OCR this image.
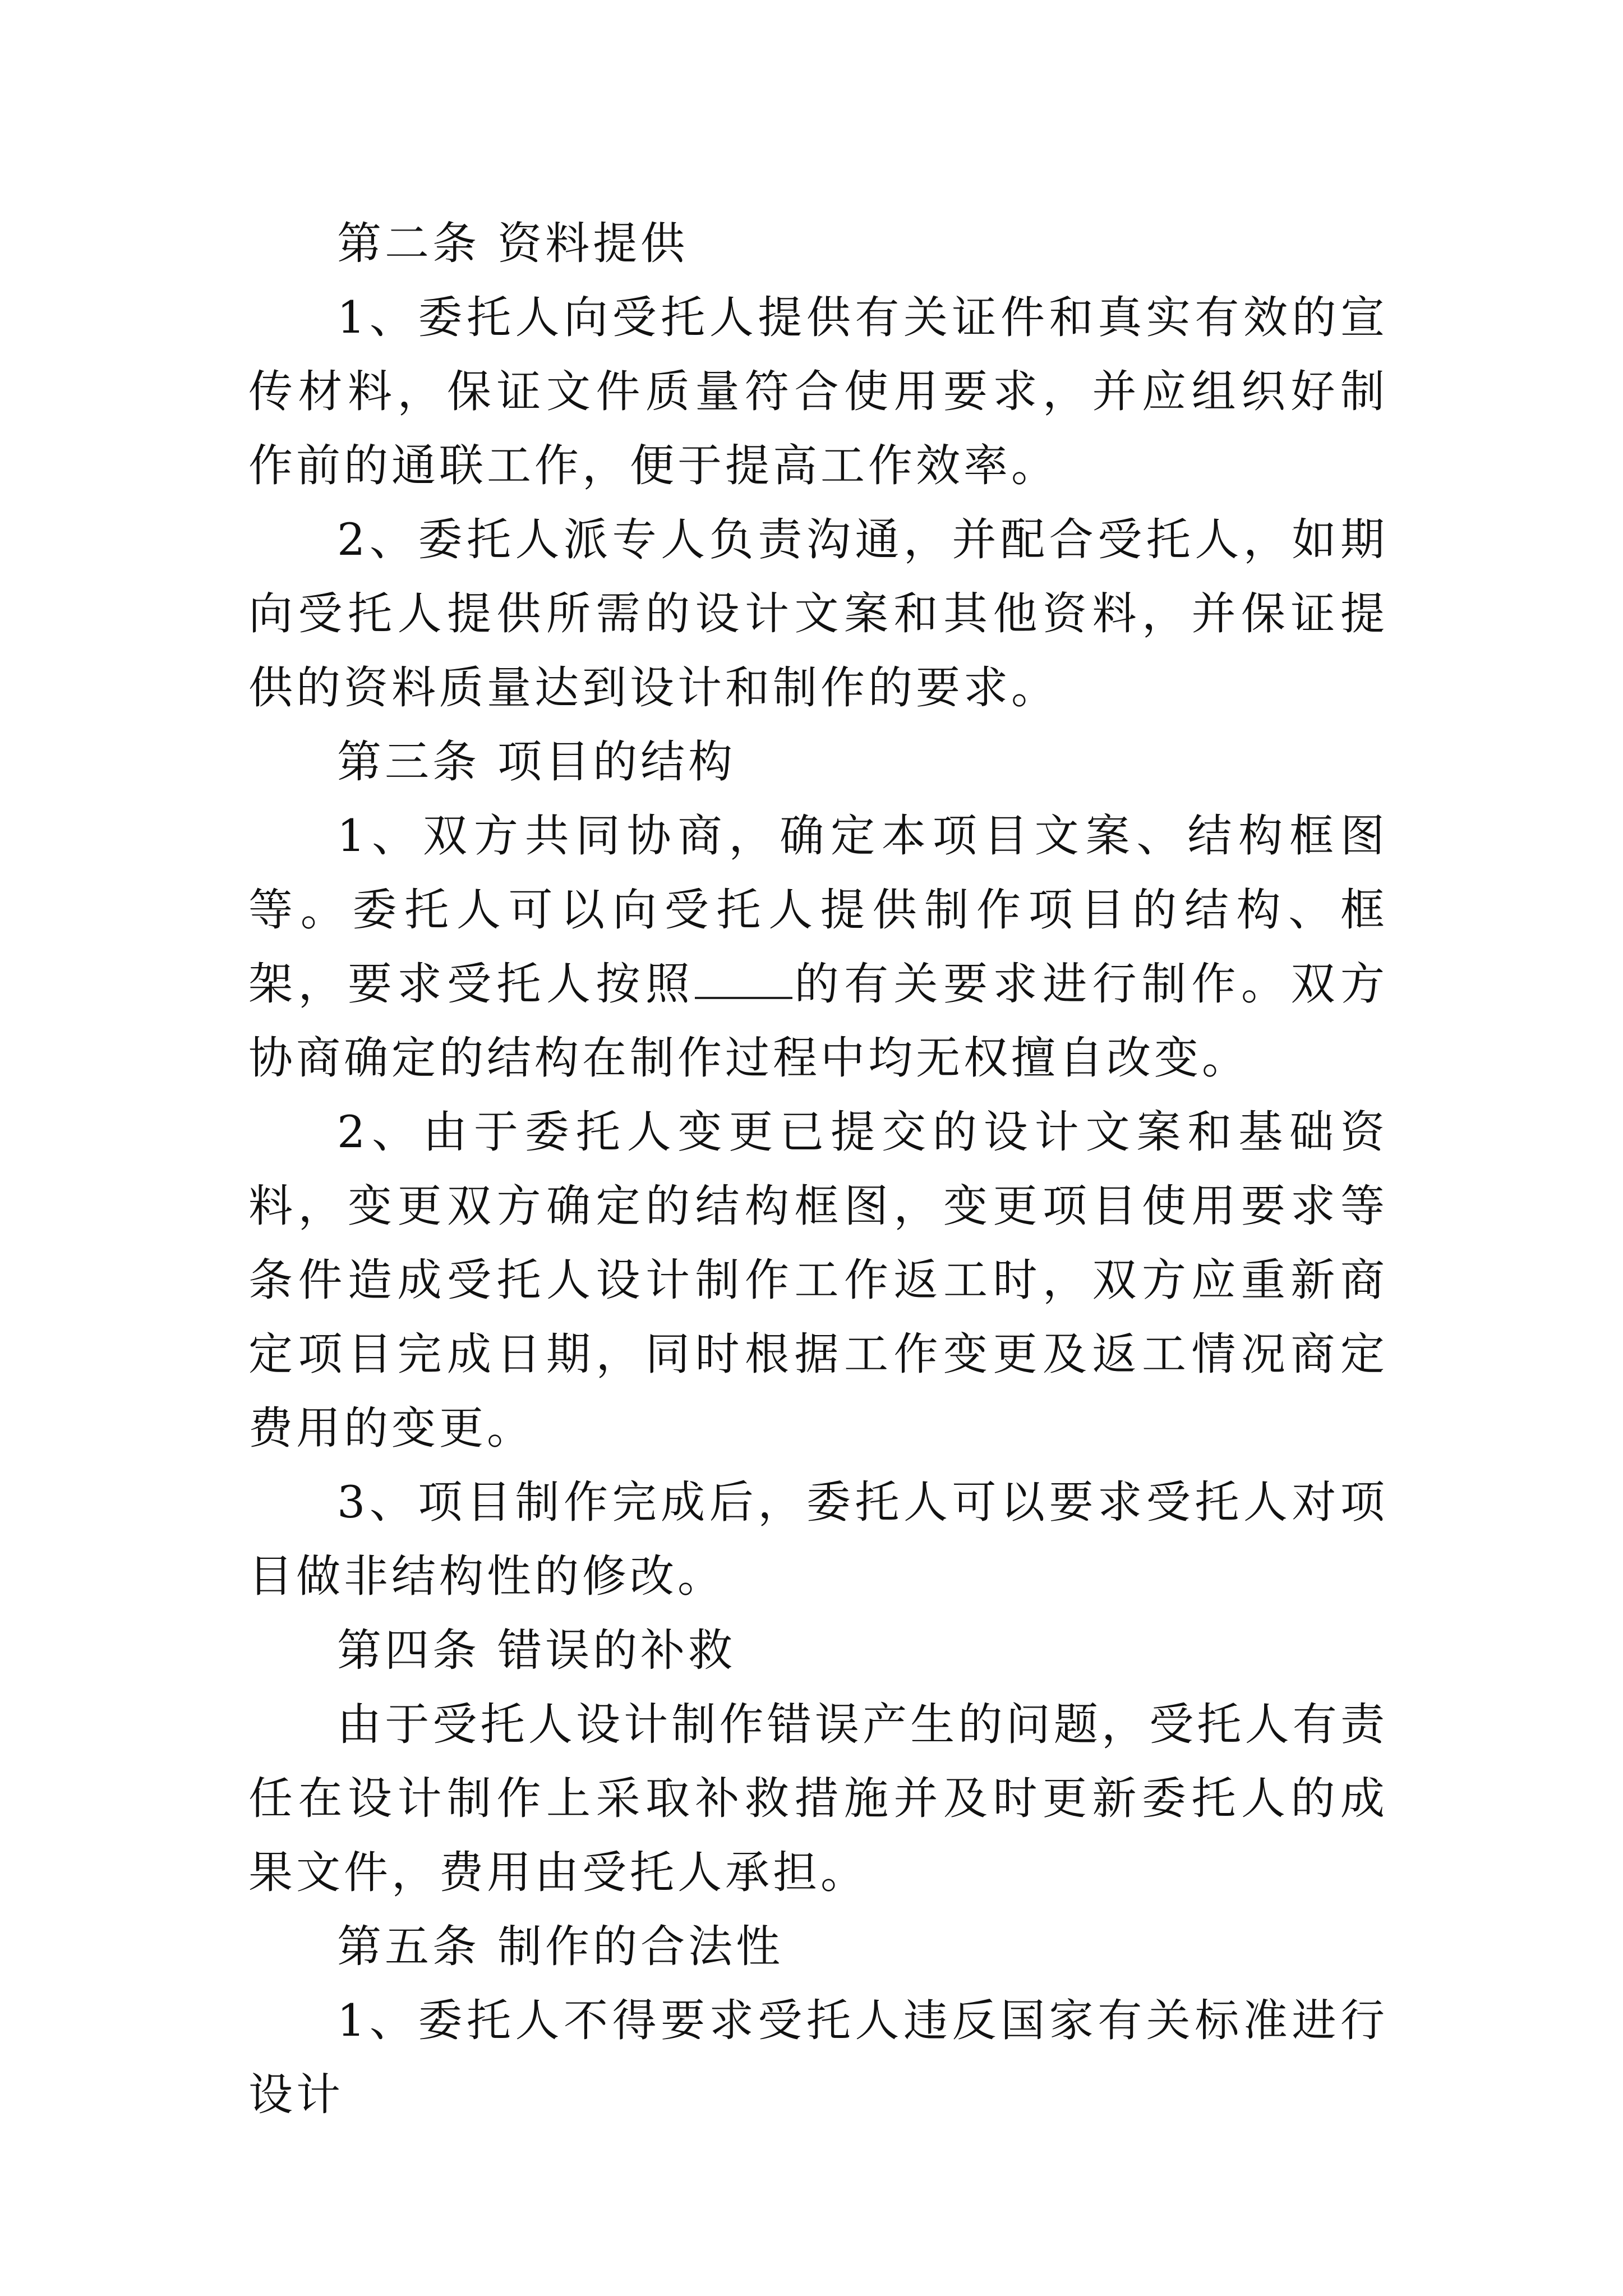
第二条 资料提供

1、委托人向受托人提供有关证件和真实有效的宣传材料，保证文件质量符合使用要求，并应组织好制作前的通联工作，便于提高工作效率。

2、委托人派专人负责沟通，并配合受托人，如期向受托人提供所需的设计文案和其他资料，并保证提供的资料质量达到设计和制作的要求。

第三条 项目的结构

1、双方共同协商，确定本项目文案、结构框图等。委托人可以向受托人提供制作项目的结构、框架，要求受托人按照 的有关要求进行制作。双方协商确定的结构在制作过程中均无权擅自改变。

2、由于委托人变更已提交的设计文案和基础资料，变更双方确定的结构框图，变更项目使用要求等条件造成受托人设计制作工作返工时，双方应重新商定项目完成日期，同时根据工作变更及返工情况商定费用的变更。

3、项目制作完成后，委托人可以要求受托人对项目做非结构性的修改。

第四条 错误的补救

由于受托人设计制作错误产生的问题，受托人有责任在设计制作上采取补救措施并及时更新委托人的成果文件，费用由受托人承担。

第五条 制作的合法性

1、委托人不得要求受托人违反国家有关标准进行设计
